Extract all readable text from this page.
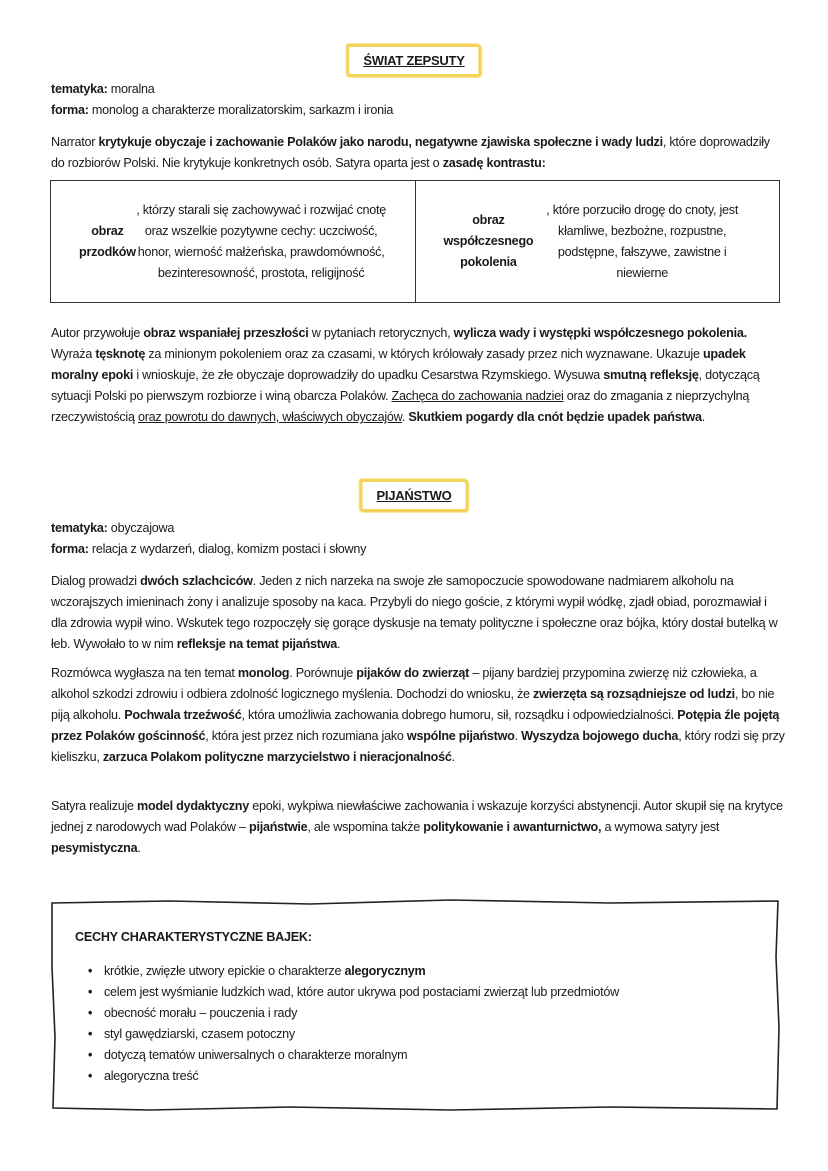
ŚWIAT ZEPSUTY
tematyka: moralna
forma: monolog a charakterze moralizatorskim, sarkazm i ironia
Narrator krytykuje obyczaje i zachowanie Polaków jako narodu, negatywne zjawiska społeczne i wady ludzi, które doprowadziły do rozbiorów Polski. Nie krytykuje konkretnych osób. Satyra oparta jest o zasadę kontrastu:
obraz przodków
, którzy starali się zachowywać i rozwijać cnotę oraz wszelkie pozytywne cechy: uczciwość, honor, wierność małżeńska, prawdomówność, bezinteresowność, prostota, religijność
obraz współczesnego pokolenia
, które porzuciło drogę do cnoty, jest kłamliwe, bezbożne, rozpustne, podstępne, fałszywe, zawistne i niewierne
Autor przywołuje obraz wspaniałej przeszłości w pytaniach retorycznych, wylicza wady i występki współczesnego pokolenia. Wyraża tęsknotę za minionym pokoleniem oraz za czasami, w których królowały zasady przez nich wyznawane. Ukazuje upadek moralny epoki i wnioskuje, że złe obyczaje doprowadziły do upadku Cesarstwa Rzymskiego. Wysuwa smutną refleksję, dotyczącą sytuacji Polski po pierwszym rozbiorze i winą obarcza Polaków. Zachęca do zachowania nadziei oraz do zmagania z nieprzychylną rzeczywistością oraz powrotu do dawnych, właściwych obyczajów. Skutkiem pogardy dla cnót będzie upadek państwa.
PIJAŃSTWO
tematyka: obyczajowa
forma: relacja z wydarzeń, dialog, komizm postaci i słowny
Dialog prowadzi dwóch szlachciców. Jeden z nich narzeka na swoje złe samopoczucie spowodowane nadmiarem alkoholu na wczorajszych imieninach żony i analizuje sposoby na kaca. Przybyli do niego goście, z którymi wypił wódkę, zjadł obiad, porozmawiał i dla zdrowia wypił wino. Wskutek tego rozpoczęły się gorące dyskusje na tematy polityczne i społeczne oraz bójka, który dostał butelką w łeb. Wywołało to w nim refleksje na temat pijaństwa.
Rozmówca wygłasza na ten temat monolog. Porównuje pijaków do zwierząt – pijany bardziej przypomina zwierzę niż człowieka, a alkohol szkodzi zdrowiu i odbiera zdolność logicznego myślenia. Dochodzi do wniosku, że zwierzęta są rozsądniejsze od ludzi, bo nie piją alkoholu. Pochwala trzeźwość, która umożliwia zachowania dobrego humoru, sił, rozsądku i odpowiedzialności. Potępia źle pojętą przez Polaków gościnność, która jest przez nich rozumiana jako wspólne pijaństwo. Wyszydza bojowego ducha, który rodzi się przy kieliszku, zarzuca Polakom polityczne marzycielstwo i nieracjonalność.
Satyra realizuje model dydaktyczny epoki, wykpiwa niewłaściwe zachowania i wskazuje korzyści abstynencji. Autor skupił się na krytyce jednej z narodowych wad Polaków – pijaństwie, ale wspomina także politykowanie i awanturnictwo, a wymowa satyry jest pesymistyczna.
CECHY CHARAKTERYSTYCZNE BAJEK:
• krótkie, zwięzłe utwory epickie o charakterze alegorycznym
• celem jest wyśmianie ludzkich wad, które autor ukrywa pod postaciami zwierząt lub przedmiotów
• obecność morału – pouczenia i rady
• styl gawędziarski, czasem potoczny
• dotyczą tematów uniwersalnych o charakterze moralnym
• alegoryczna treść
